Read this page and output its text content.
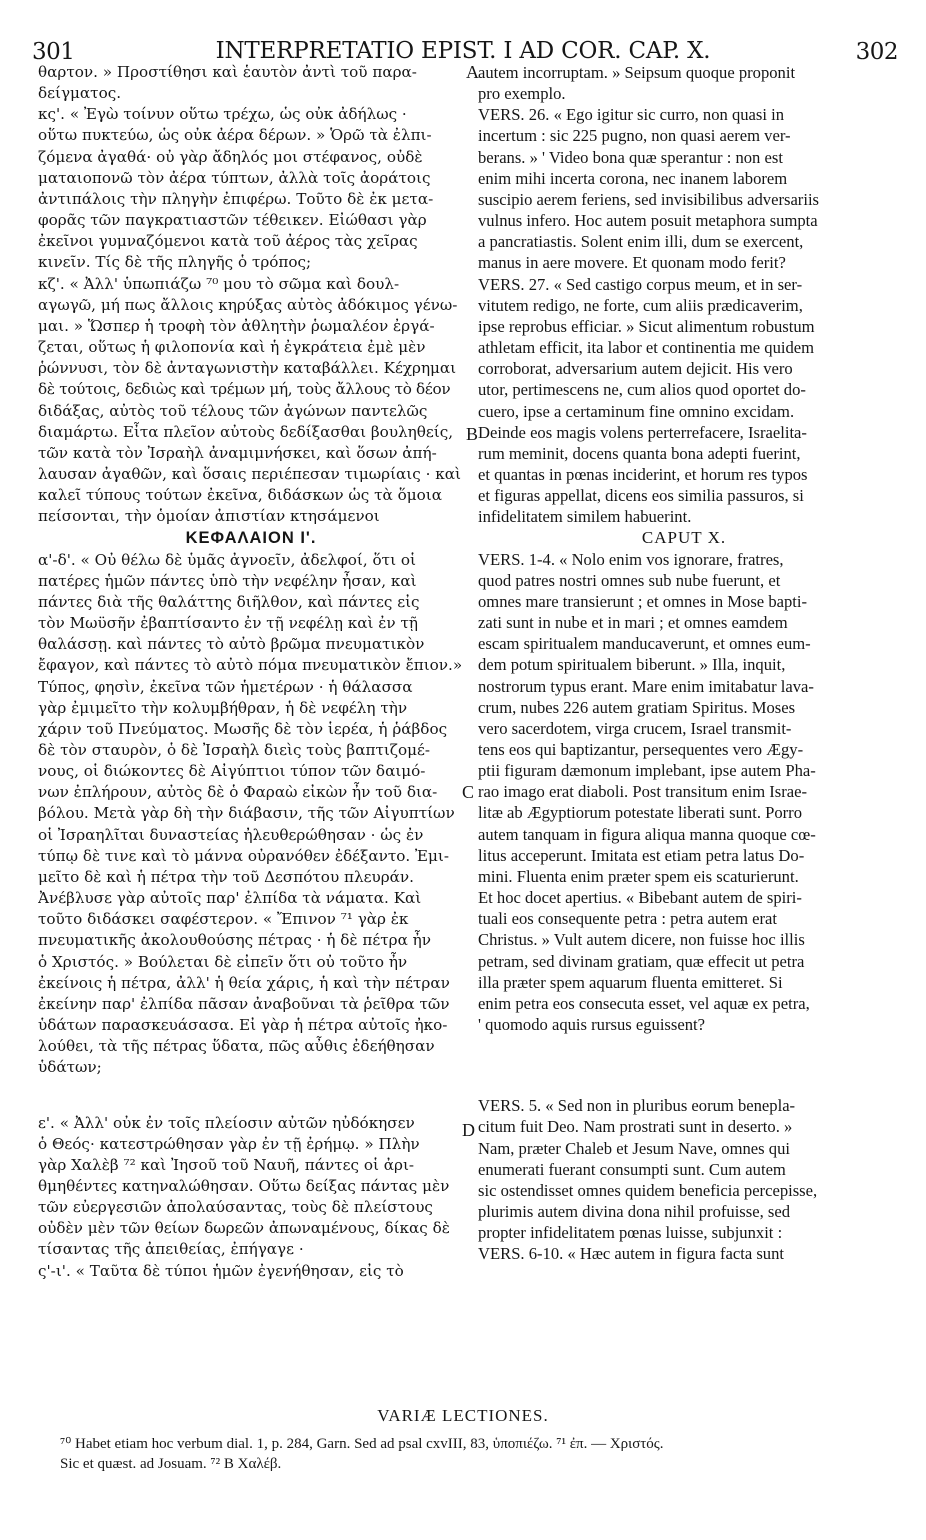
301	INTERPRETATIO EPIST. I AD COR. CAP. X.	302
A
B
C
D
θαρτον. » Προστίθησι καὶ ἑαυτὸν ἀντὶ τοῦ παρα-
δείγματος.
κς'. « Ἐγὼ τοίνυν οὕτω τρέχω, ὡς οὐκ ἀδήλως ·
οὕτω πυκτεύω, ὡς οὐκ ἀέρα δέρων. » Ὁρῶ τὰ ἐλπι-
ζόμενα ἀγαθά· οὐ γὰρ ἄδηλός μοι στέφανος, οὐδὲ
ματαιοπονῶ τὸν ἀέρα τύπτων, ἀλλὰ τοῖς ἀοράτοις
ἀντιπάλοις τὴν πληγὴν ἐπιφέρω. Τοῦτο δὲ ἐκ μετα-
φορᾶς τῶν παγκρατιαστῶν τέθεικεν. Εἰώθασι γὰρ
ἐκεῖνοι γυμναζόμενοι κατὰ τοῦ ἀέρος τὰς χεῖρας
κινεῖν. Τίς δὲ τῆς πληγῆς ὁ τρόπος;
κζ'. « Ἀλλ' ὑπωπιάζω ⁷⁰ μου τὸ σῶμα καὶ δουλ-
αγωγῶ, μή πως ἄλλοις κηρύξας αὐτὸς ἀδόκιμος γένω-
μαι. » Ὥσπερ ἡ τροφὴ τὸν ἀθλητὴν ῥωμαλέον ἐργά-
ζεται, οὕτως ἡ φιλοπονία καὶ ἡ ἐγκράτεια ἐμὲ μὲν
ῥώννυσι, τὸν δὲ ἀνταγωνιστὴν καταβάλλει. Κέχρημαι
δὲ τούτοις, δεδιὼς καὶ τρέμων μή, τοὺς ἄλλους τὸ δέον
διδάξας, αὐτὸς τοῦ τέλους τῶν ἀγώνων παντελῶς
διαμάρτω. Εἶτα πλεῖον αὐτοὺς δεδίξασθαι βουληθείς,
τῶν κατὰ τὸν Ἰσραὴλ ἀναμιμνήσκει, καὶ ὅσων ἀπή-
λαυσαν ἀγαθῶν, καὶ ὅσαις περιέπεσαν τιμωρίαις · καὶ
καλεῖ τύπους τούτων ἐκεῖνα, διδάσκων ὡς τὰ ὅμοια
πείσονται, τὴν ὁμοίαν ἀπιστίαν κτησάμενοι
ΚΕΦΑΛΑΙΟΝ Ι'.
α'-δ'. « Οὐ θέλω δὲ ὑμᾶς ἀγνοεῖν, ἀδελφοί, ὅτι οἱ
πατέρες ἡμῶν πάντες ὑπὸ τὴν νεφέλην ἦσαν, καὶ
πάντες διὰ τῆς θαλάττης διῆλθον, καὶ πάντες εἰς
τὸν Μωϋσῆν ἐβαπτίσαντο ἐν τῇ νεφέλῃ καὶ ἐν τῇ
θαλάσσῃ. καὶ πάντες τὸ αὐτὸ βρῶμα πνευματικὸν
ἔφαγον, καὶ πάντες τὸ αὐτὸ πόμα πνευματικὸν ἔπιον.»
Τύπος, φησὶν, ἐκεῖνα τῶν ἡμετέρων · ἡ θάλασσα
γὰρ ἐμιμεῖτο τὴν κολυμβήθραν, ἡ δὲ νεφέλη τὴν
χάριν τοῦ Πνεύματος. Μωσῆς δὲ τὸν ἱερέα, ἡ ῥάβδος
δὲ τὸν σταυρὸν, ὁ δὲ Ἰσραὴλ διεὶς τοὺς βαπτιζομέ-
νους, οἱ διώκοντες δὲ Αἰγύπτιοι τύπον τῶν δαιμό-
νων ἐπλήρουν, αὐτὸς δὲ ὁ Φαραὼ εἰκὼν ἦν τοῦ δια-
βόλου. Μετὰ γὰρ δὴ τὴν διάβασιν, τῆς τῶν Αἰγυπτίων
οἱ Ἰσραηλῖται δυναστείας ἠλευθερώθησαν · ὡς ἐν
τύπῳ δὲ τινε καὶ τὸ μάννα οὐρανόθεν ἐδέξαντο. Ἐμι-
μεῖτο δὲ καὶ ἡ πέτρα τὴν τοῦ Δεσπότου πλευράν.
Ἀνέβλυσε γὰρ αὐτοῖς παρ' ἐλπίδα τὰ νάματα. Καὶ
τοῦτο διδάσκει σαφέστερον. « Ἔπινον ⁷¹ γὰρ ἐκ
πνευματικῆς ἀκολουθούσης πέτρας · ἡ δὲ πέτρα ἦν
ὁ Χριστός. » Βούλεται δὲ εἰπεῖν ὅτι οὐ τοῦτο ἦν
ἐκείνοις ἡ πέτρα, ἀλλ' ἡ θεία χάρις, ἡ καὶ τὴν πέτραν
ἐκείνην παρ' ἐλπίδα πᾶσαν ἀναβοῦναι τὰ ῥεῖθρα τῶν
ὑδάτων παρασκευάσασα. Εἰ γὰρ ἡ πέτρα αὐτοῖς ἠκο-
λούθει, τὰ τῆς πέτρας ὕδατα, πῶς αὖθις ἐδεήθησαν
ὑδάτων;
ε'. « Ἀλλ' οὐκ ἐν τοῖς πλείοσιν αὐτῶν ηὐδόκησεν
ὁ Θεός· κατεστρώθησαν γὰρ ἐν τῇ ἐρήμῳ. » Πλὴν
γὰρ Χαλὲβ ⁷² καὶ Ἰησοῦ τοῦ Ναυῆ, πάντες οἱ ἀρι-
θμηθέντες κατηναλώθησαν. Οὕτω δείξας πάντας μὲν
τῶν εὐεργεσιῶν ἀπολαύσαντας, τοὺς δὲ πλείστους
οὐδὲν μὲν τῶν θείων δωρεῶν ἀπωναμένους, δίκας δὲ
τίσαντας τῆς ἀπειθείας, ἐπήγαγε ·
ς'-ι'. « Ταῦτα δὲ τύποι ἡμῶν ἐγενήθησαν, εἰς τὸ
autem incorruptam. » Seipsum quoque proponit
pro exemplo.
VERS. 26. « Ego igitur sic curro, non quasi in
incertum : sic 225 pugno, non quasi aerem ver-
berans. » ' Video bona quæ sperantur : non est
enim mihi incerta corona, nec inanem laborem
suscipio aerem feriens, sed invisibilibus adversariis
vulnus infero. Hoc autem posuit metaphora sumpta
a pancratiastis. Solent enim illi, dum se exercent,
manus in aere movere. Et quonam modo ferit?
VERS. 27. « Sed castigo corpus meum, et in ser-
vitutem redigo, ne forte, cum aliis prædicaverim,
ipse reprobus efficiar. » Sicut alimentum robustum
athletam efficit, ita labor et continentia me quidem
corroborat, adversarium autem dejicit. His vero
utor, pertimescens ne, cum alios quod oportet do-
cuero, ipse a certaminum fine omnino excidam.
Deinde eos magis volens perterrefacere, Israelita-
rum meminit, docens quanta bona adepti fuerint,
et quantas in pœnas inciderint, et horum res typos
et figuras appellat, dicens eos similia passuros, si
infidelitatem similem habuerint.
CAPUT X.
VERS. 1-4. « Nolo enim vos ignorare, fratres,
quod patres nostri omnes sub nube fuerunt, et
omnes mare transierunt ; et omnes in Mose bapti-
zati sunt in nube et in mari ; et omnes eamdem
escam spiritualem manducaverunt, et omnes eum-
dem potum spiritualem biberunt. » Illa, inquit,
nostrorum typus erant. Mare enim imitabatur lava-
crum, nubes 226 autem gratiam Spiritus. Moses
vero sacerdotem, virga crucem, Israel transmit-
tens eos qui baptizantur, persequentes vero Ægy-
ptii figuram dæmonum implebant, ipse autem Pha-
rao imago erat diaboli. Post transitum enim Israe-
litæ ab Ægyptiorum potestate liberati sunt. Porro
autem tanquam in figura aliqua manna quoque cœ-
litus acceperunt. Imitata est etiam petra latus Do-
mini. Fluenta enim præter spem eis scaturierunt.
Et hoc docet apertius. « Bibebant autem de spiri-
tuali eos consequente petra : petra autem erat
Christus. » Vult autem dicere, non fuisse hoc illis
petram, sed divinam gratiam, quæ effecit ut petra
illa præter spem aquarum fluenta emitteret. Si
enim petra eos consecuta esset, vel aquæ ex petra,
' quomodo aquis rursus eguissent?
VERS. 5. « Sed non in pluribus eorum benepla-
citum fuit Deo. Nam prostrati sunt in deserto. »
Nam, præter Chaleb et Jesum Nave, omnes qui
enumerati fuerant consumpti sunt. Cum autem
sic ostendisset omnes quidem beneficia percepisse,
plurimis autem divina dona nihil profuisse, sed
propter infidelitatem pœnas luisse, subjunxit :
VERS. 6-10. « Hæc autem in figura facta sunt
VARIÆ LECTIONES.
⁷⁰ Habet etiam hoc verbum dial. 1, p. 284, Garn. Sed ad psal cxvIII, 83, ὑποπιέζω. ⁷¹ ἐπ. — Χριστός.
Sic et quæst. ad Josuam. ⁷² B Χαλέβ.
